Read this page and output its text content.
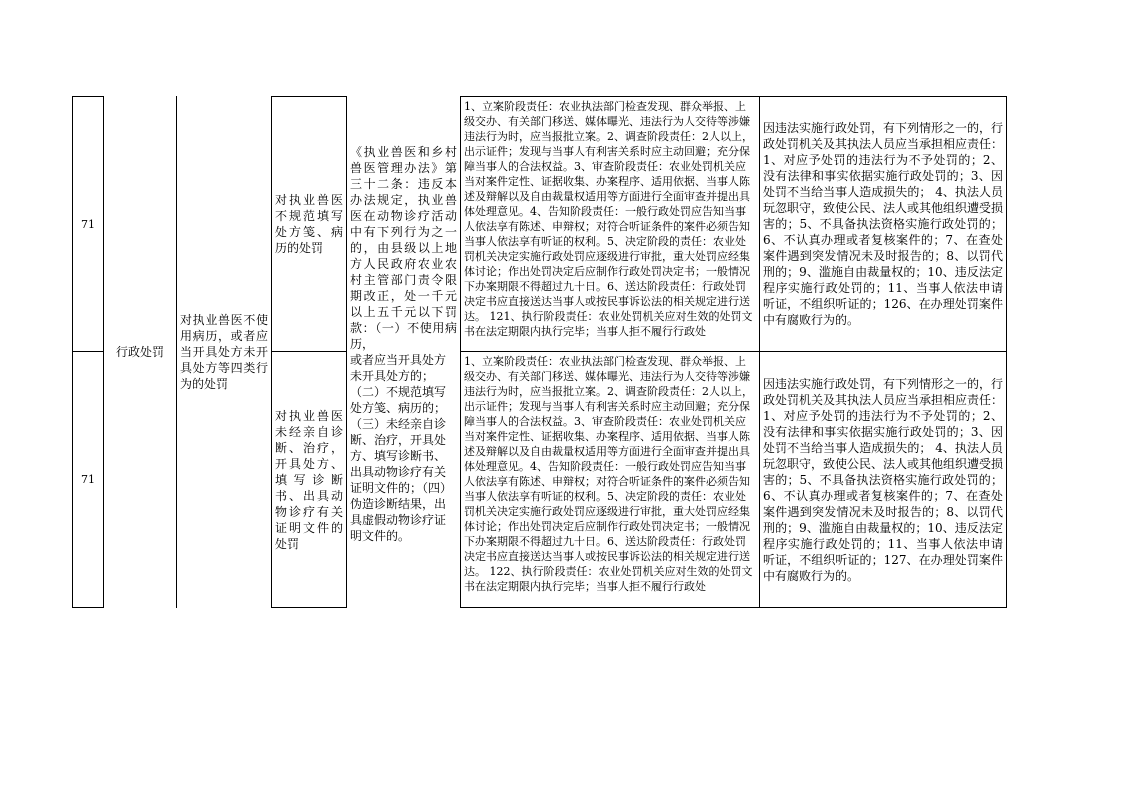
71
71
行政处罚
对执业兽医不使用病历，或者应当开具处方未开具处方等四类行为的处罚
对执业兽医不规范填写处方笺、病历的处罚
对执业兽医未经亲自诊断、治疗，开具处方、填写诊断书、出具动物诊疗有关证明文件的处罚
《执业兽医和乡村兽医管理办法》第三十二条：违反本办法规定，执业兽医在动物诊疗活动中有下列行为之一的，由县级以上地方人民政府农业农村主管部门责令限期改正，处一千元以上五千元以下罚款：（一）不使用病历，
或者应当开具处方未开具处方的；（二）不规范填写处方笺、病历的；（三）未经亲自诊断、治疗，开具处方、填写诊断书、出具动物诊疗有关证明文件的；（四）伪造诊断结果，出具虚假动物诊疗证明文件的。
1、立案阶段责任：农业执法部门检查发现、群众举报、上级交办、有关部门移送、媒体曝光、违法行为人交待等涉嫌违法行为时，应当报批立案。2、调查阶段责任：2人以上，出示证件；发现与当事人有利害关系时应主动回避；充分保障当事人的合法权益。3、审查阶段责任：农业处罚机关应当对案件定性、证据收集、办案程序、适用依据、当事人陈述及辩解以及自由裁量权适用等方面进行全面审查并提出具体处理意见。4、告知阶段责任：一般行政处罚应告知当事人依法享有陈述、申辩权；对符合听证条件的案件必须告知当事人依法享有听证的权利。5、决定阶段的责任：农业处罚机关决定实施行政处罚应逐级进行审批，重大处罚应经集体讨论；作出处罚决定后应制作行政处罚决定书；一般情况下办案期限不得超过九十日。6、送达阶段责任：行政处罚决定书应直接送达当事人或按民事诉讼法的相关规定进行送达。 121、执行阶段责任：农业处罚机关应对生效的处罚文书在法定期限内执行完毕；当事人拒不履行行政处
1、立案阶段责任：农业执法部门检查发现、群众举报、上级交办、有关部门移送、媒体曝光、违法行为人交待等涉嫌违法行为时，应当报批立案。2、调查阶段责任：2人以上，出示证件；发现与当事人有利害关系时应主动回避；充分保障当事人的合法权益。3、审查阶段责任：农业处罚机关应当对案件定性、证据收集、办案程序、适用依据、当事人陈述及辩解以及自由裁量权适用等方面进行全面审查并提出具体处理意见。4、告知阶段责任：一般行政处罚应告知当事人依法享有陈述、申辩权；对符合听证条件的案件必须告知当事人依法享有听证的权利。5、决定阶段的责任：农业处罚机关决定实施行政处罚应逐级进行审批，重大处罚应经集体讨论；作出处罚决定后应制作行政处罚决定书；一般情况下办案期限不得超过九十日。6、送达阶段责任：行政处罚决定书应直接送达当事人或按民事诉讼法的相关规定进行送达。 122、执行阶段责任：农业处罚机关应对生效的处罚文书在法定期限内执行完毕；当事人拒不履行行政处
因违法实施行政处罚，有下列情形之一的，行政处罚机关及其执法人员应当承担相应责任：1、对应予处罚的违法行为不予处罚的；2、没有法律和事实依据实施行政处罚的；3、因处罚不当给当事人造成损失的； 4、执法人员玩忽职守，致使公民、法人或其他组织遭受损害的；5、不具备执法资格实施行政处罚的；6、不认真办理或者复核案件的；7、在查处案件遇到突发情况未及时报告的；8、以罚代刑的；9、滥施自由裁量权的；10、违反法定程序实施行政处罚的；11、当事人依法申请听证，不组织听证的；126、在办理处罚案件中有腐败行为的。
因违法实施行政处罚，有下列情形之一的，行政处罚机关及其执法人员应当承担相应责任：1、对应予处罚的违法行为不予处罚的；2、没有法律和事实依据实施行政处罚的；3、因处罚不当给当事人造成损失的； 4、执法人员玩忽职守，致使公民、法人或其他组织遭受损害的；5、不具备执法资格实施行政处罚的；6、不认真办理或者复核案件的；7、在查处案件遇到突发情况未及时报告的；8、以罚代刑的；9、滥施自由裁量权的；10、违反法定程序实施行政处罚的；11、当事人依法申请听证，不组织听证的；127、在办理处罚案件中有腐败行为的。
